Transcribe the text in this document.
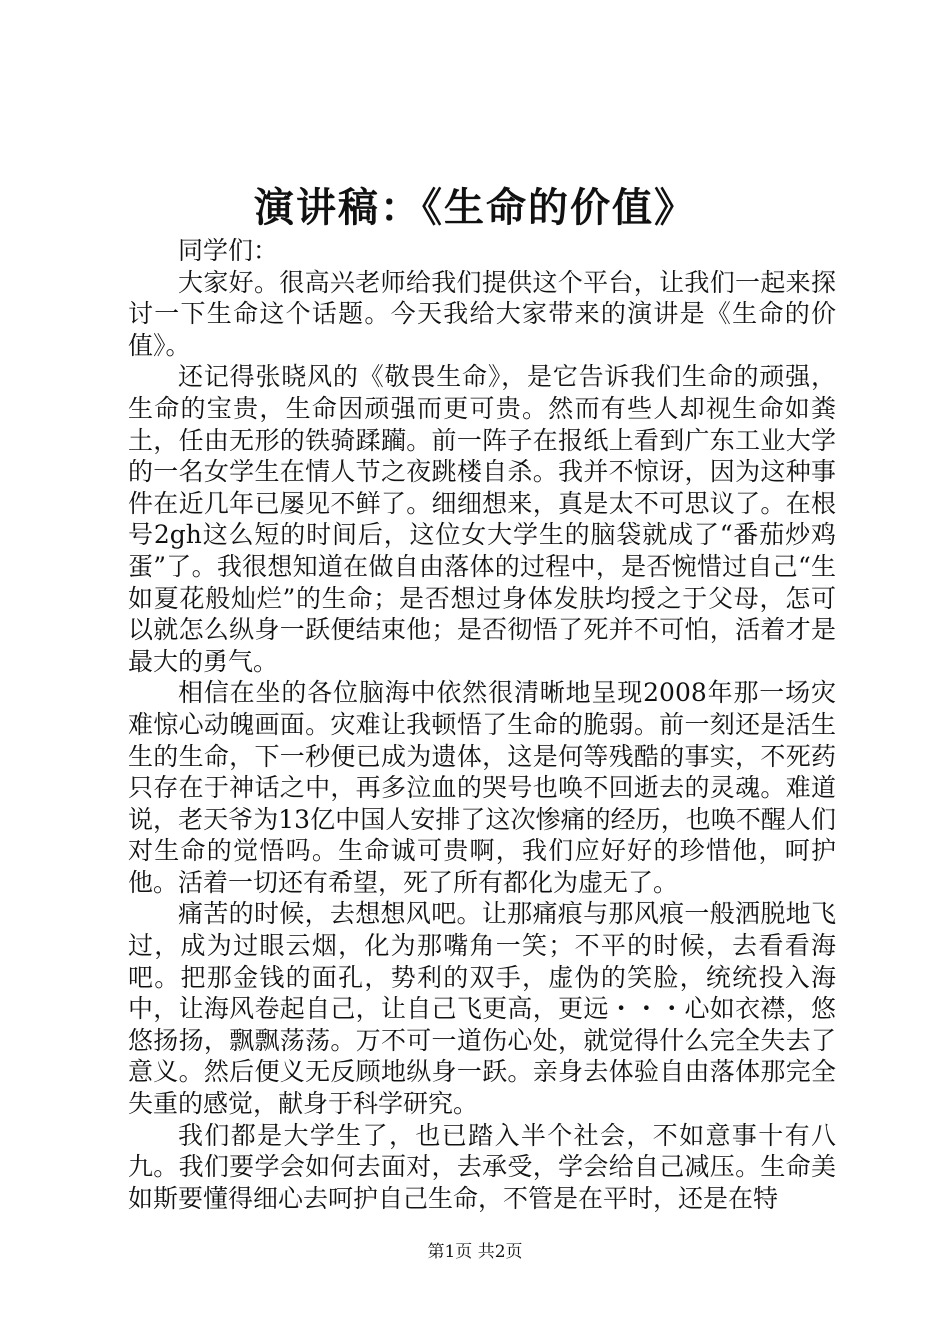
演讲稿：《生命的价值》

同学们：

大家好。很高兴老师给我们提供这个平台，让我们一起来探讨一下生命这个话题。今天我给大家带来的演讲是《生命的价值》。

还记得张晓风的《敬畏生命》，是它告诉我们生命的顽强，生命的宝贵，生命因顽强而更可贵。然而有些人却视生命如粪土，任由无形的铁骑蹂躏。前一阵子在报纸上看到广东工业大学的一名女学生在情人节之夜跳楼自杀。我并不惊讶，因为这种事件在近几年已屡见不鲜了。细细想来，真是太不可思议了。在根号2gh这么短的时间后，这位女大学生的脑袋就成了“番茄炒鸡蛋”了。我很想知道在做自由落体的过程中，是否惋惜过自己“生如夏花般灿烂”的生命；是否想过身体发肤均授之于父母，怎可以就怎么纵身一跃便结束他；是否彻悟了死并不可怕，活着才是最大的勇气。

相信在坐的各位脑海中依然很清晰地呈现2008年那一场灾难惊心动魄画面。灾难让我顿悟了生命的脆弱。前一刻还是活生生的生命，下一秒便已成为遗体，这是何等残酷的事实，不死药只存在于神话之中，再多泣血的哭号也唤不回逝去的灵魂。难道说，老天爷为13亿中国人安排了这次惨痛的经历，也唤不醒人们对生命的觉悟吗。生命诚可贵啊，我们应好好的珍惜他，呵护他。活着一切还有希望，死了所有都化为虚无了。

痛苦的时候，去想想风吧。让那痛痕与那风痕一般洒脱地飞过，成为过眼云烟，化为那嘴角一笑；不平的时候，去看看海吧。把那金钱的面孔，势利的双手，虚伪的笑脸，统统投入海中，让海风卷起自己，让自己飞更高，更远・・・心如衣襟，悠悠扬扬，飘飘荡荡。万不可一道伤心处，就觉得什么完全失去了意义。然后便义无反顾地纵身一跃。亲身去体验自由落体那完全失重的感觉，献身于科学研究。

我们都是大学生了，也已踏入半个社会，不如意事十有八九。我们要学会如何去面对，去承受，学会给自己减压。生命美如斯要懂得细心去呵护自己生命，不管是在平时，还是在特

第1页 共2页
